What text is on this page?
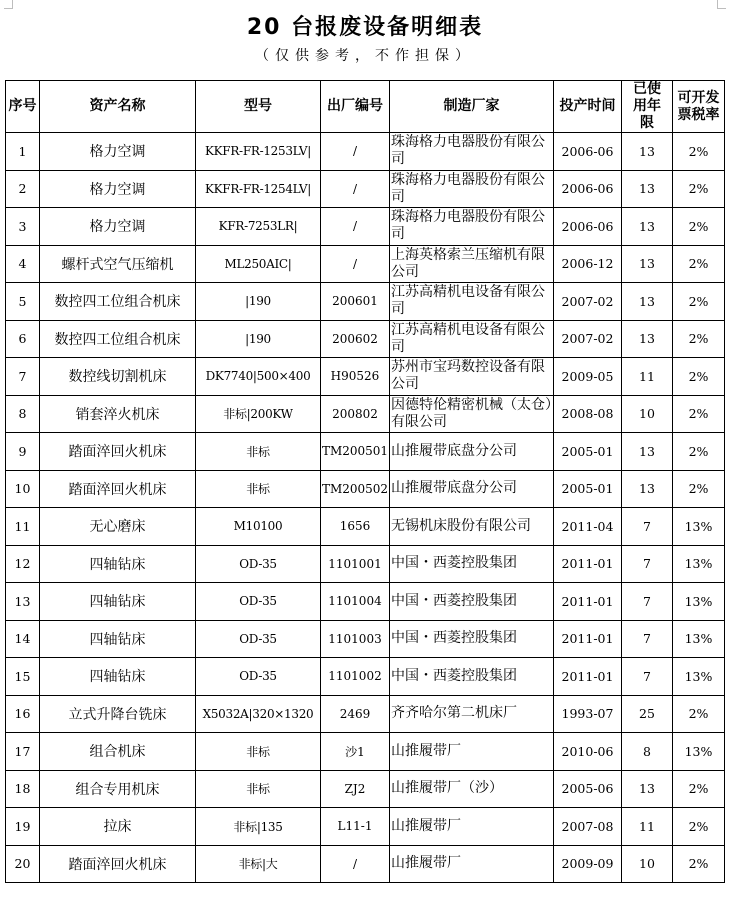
20 台报废设备明细表
（仅供参考，不作担保）
序号	资产名称	型号	出厂编号	制造厂家	投产时间	已使用年限	可开发票税率
1	格力空调	KKFR-FR-1253LV|	/	珠海格力电器股份有限公司	2006-06	13	2%
2	格力空调	KKFR-FR-1254LV|	/	珠海格力电器股份有限公司	2006-06	13	2%
3	格力空调	KFR-7253LR|	/	珠海格力电器股份有限公司	2006-06	13	2%
4	螺杆式空气压缩机	ML250AIC|	/	上海英格索兰压缩机有限公司	2006-12	13	2%
5	数控四工位组合机床	|190	200601	江苏高精机电设备有限公司	2007-02	13	2%
6	数控四工位组合机床	|190	200602	江苏高精机电设备有限公司	2007-02	13	2%
7	数控线切割机床	DK7740|500×400	H90526	苏州市宝玛数控设备有限公司	2009-05	11	2%
8	销套淬火机床	非标|200KW	200802	因德特伦精密机械（太仓）有限公司	2008-08	10	2%
9	踏面淬回火机床	非标	TM200501	山推履带底盘分公司	2005-01	13	2%
10	踏面淬回火机床	非标	TM200502	山推履带底盘分公司	2005-01	13	2%
11	无心磨床	M10100	1656	无锡机床股份有限公司	2011-04	7	13%
12	四轴钻床	OD-35	1101001	中国・西菱控股集团	2011-01	7	13%
13	四轴钻床	OD-35	1101004	中国・西菱控股集团	2011-01	7	13%
14	四轴钻床	OD-35	1101003	中国・西菱控股集团	2011-01	7	13%
15	四轴钻床	OD-35	1101002	中国・西菱控股集团	2011-01	7	13%
16	立式升降台铣床	X5032A|320×1320	2469	齐齐哈尔第二机床厂	1993-07	25	2%
17	组合机床	非标	沙1	山推履带厂	2010-06	8	13%
18	组合专用机床	非标	ZJ2	山推履带厂（沙）	2005-06	13	2%
19	拉床	非标|135	L11-1	山推履带厂	2007-08	11	2%
20	踏面淬回火机床	非标|大	/	山推履带厂	2009-09	10	2%
